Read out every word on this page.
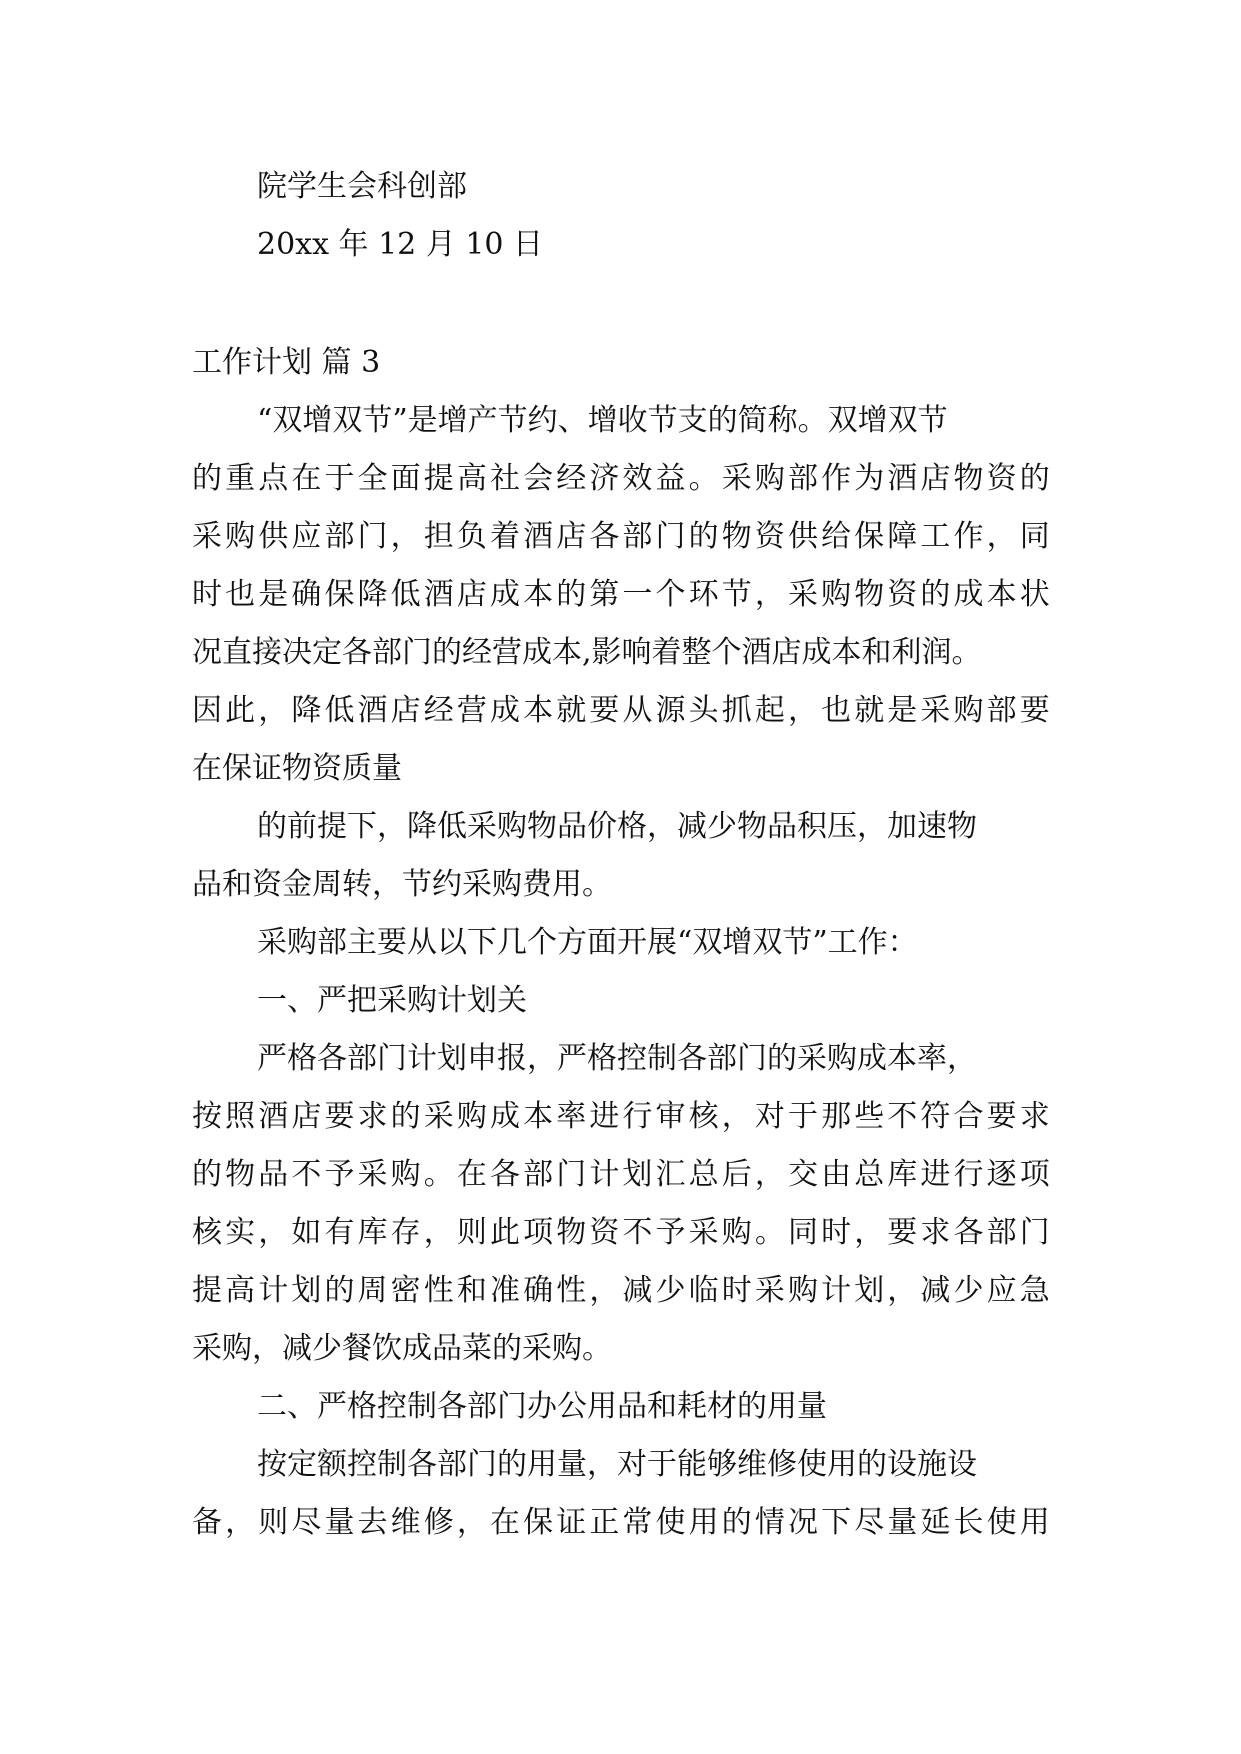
院学生会科创部
20xx 年 12 月 10 日
工作计划 篇 3
“双增双节”是增产节约、增收节支的简称。双增双节
的 重 点 在 于 全 面 提 高 社 会 经 济 效 益 。 采 购 部 作 为 酒 店 物 资 的
采 购 供 应 部 门 ， 担 负 着 酒 店 各 部 门 的 物 资 供 给 保 障 工 作 ， 同
时 也 是 确 保 降 低 酒 店 成 本 的 第 一 个 环 节 ， 采 购 物 资 的 成 本 状
况直接决定各部门的经营成本,影响着整个酒店成本和利润。
因 此 ， 降 低 酒 店 经 营 成 本 就 要 从 源 头 抓 起 ， 也 就 是 采 购 部 要
在保证物资质量
的前提下，降低采购物品价格，减少物品积压，加速物
品和资金周转，节约采购费用。
采购部主要从以下几个方面开展“双增双节”工作：
一、严把采购计划关
严格各部门计划申报，严格控制各部门的采购成本率，
按 照 酒 店 要 求 的 采 购 成 本 率 进 行 审 核 ， 对 于 那 些 不 符 合 要 求
的 物 品 不 予 采 购 。 在 各 部 门 计 划 汇 总 后 ， 交 由 总 库 进 行 逐 项
核 实 ， 如 有 库 存 ， 则 此 项 物 资 不 予 采 购 。 同 时 ， 要 求 各 部 门
提 高 计 划 的 周 密 性 和 准 确 性 ， 减 少 临 时 采 购 计 划 ， 减 少 应 急
采购，减少餐饮成品菜的采购。
二、严格控制各部门办公用品和耗材的用量
按定额控制各部门的用量，对于能够维修使用的设施设
备 ， 则 尽 量 去 维 修 ， 在 保 证 正 常 使 用 的 情 况 下 尽 量 延 长 使 用
